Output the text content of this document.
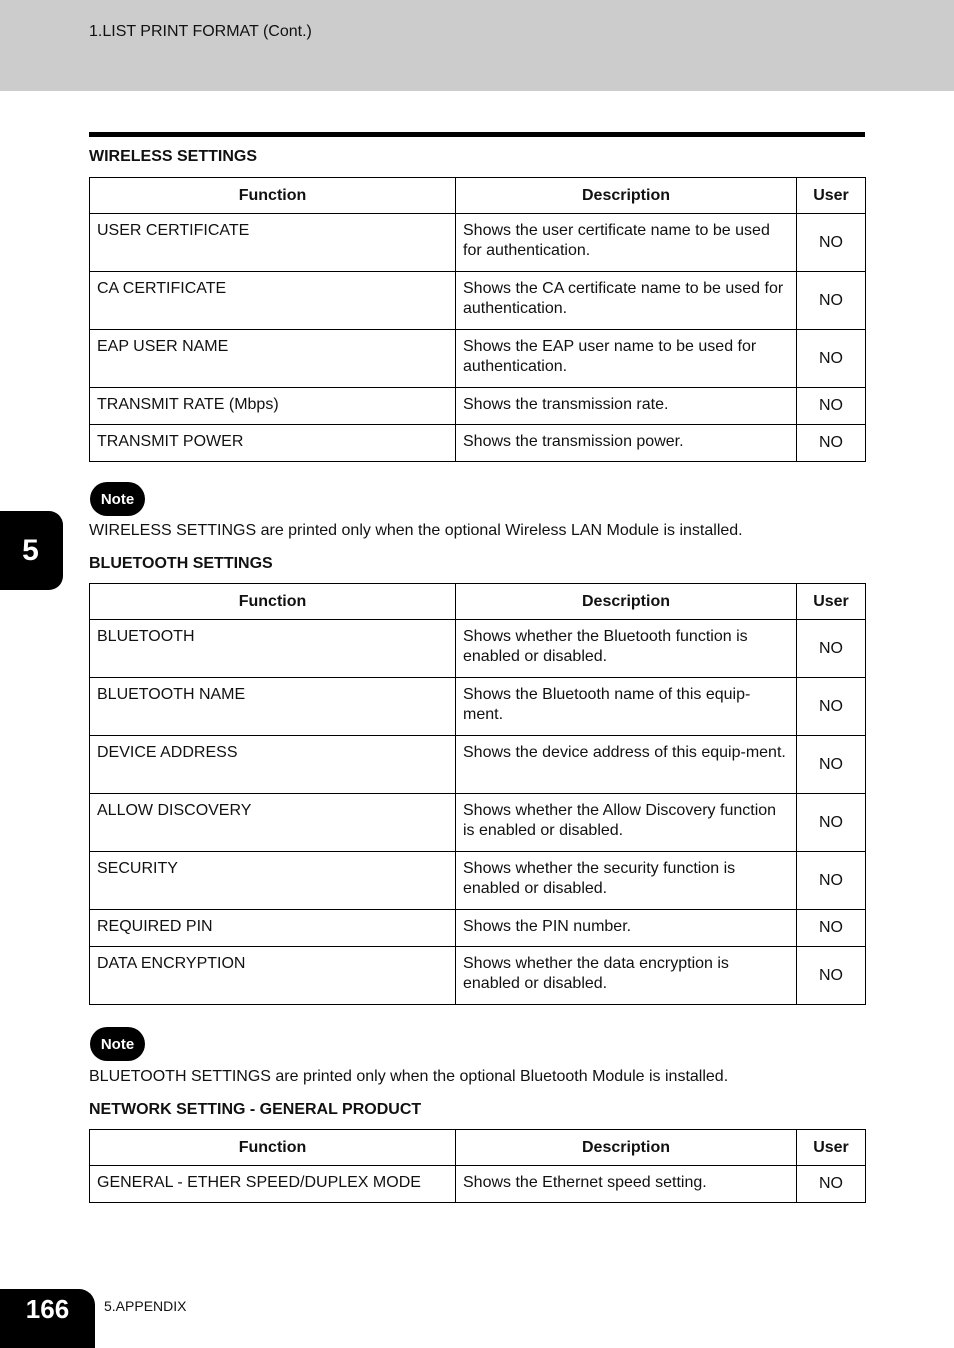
1.LIST PRINT FORMAT (Cont.)
WIRELESS SETTINGS
Function	Description	User
USER CERTIFICATE	Shows the user certificate name to be used for authentication.	NO
CA CERTIFICATE	Shows the CA certificate name to be used for authentication.	NO
EAP USER NAME	Shows the EAP user name to be used for authentication.	NO
TRANSMIT RATE (Mbps)	Shows the transmission rate.	NO
TRANSMIT POWER	Shows the transmission power.	NO
Note
WIRELESS SETTINGS are printed only when the optional Wireless LAN Module is installed.
BLUETOOTH SETTINGS
Function	Description	User
BLUETOOTH	Shows whether the Bluetooth function is enabled or disabled.	NO
BLUETOOTH NAME	Shows the Bluetooth name of this equip-ment.	NO
DEVICE ADDRESS	Shows the device address of this equip-ment.	NO
ALLOW DISCOVERY	Shows whether the Allow Discovery function is enabled or disabled.	NO
SECURITY	Shows whether the security function is enabled or disabled.	NO
REQUIRED PIN	Shows the PIN number.	NO
DATA ENCRYPTION	Shows whether the data encryption is enabled or disabled.	NO
Note
BLUETOOTH SETTINGS are printed only when the optional Bluetooth Module is installed.
NETWORK SETTING - GENERAL PRODUCT
Function	Description	User
GENERAL - ETHER SPEED/DUPLEX MODE	Shows the Ethernet speed setting.	NO
5
166	5.APPENDIX
